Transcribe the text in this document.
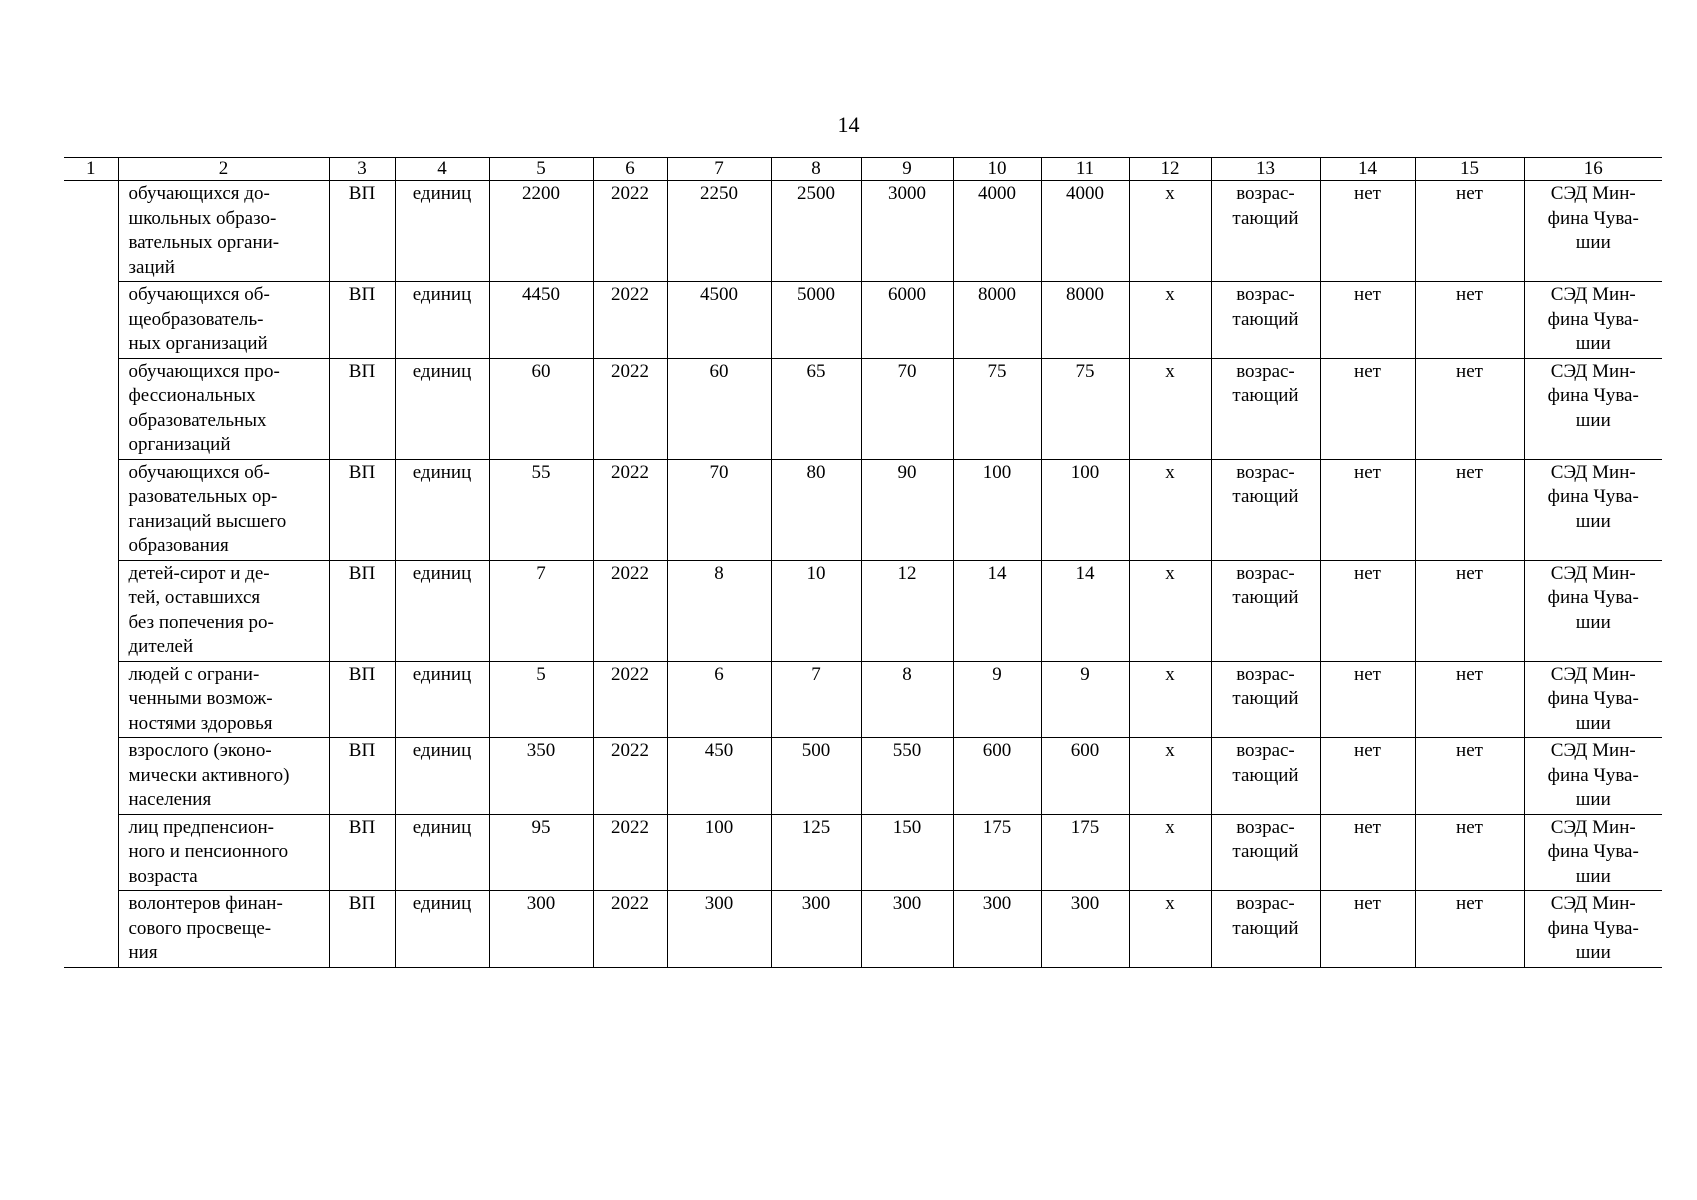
14
1	2	3	4	5	6	7	8	9	10	11	12	13	14	15	16
	обучающихся до-
школьных образо-
вательных органи-
заций	ВП	единиц	2200	2022	2250	2500	3000	4000	4000	х	возрас-
тающий	нет	нет	СЭД Мин-
фина Чува-
шии
	обучающихся об-
щеобразователь-
ных организаций	ВП	единиц	4450	2022	4500	5000	6000	8000	8000	х	возрас-
тающий	нет	нет	СЭД Мин-
фина Чува-
шии
	обучающихся про-
фессиональных
образовательных
организаций	ВП	единиц	60	2022	60	65	70	75	75	х	возрас-
тающий	нет	нет	СЭД Мин-
фина Чува-
шии
	обучающихся об-
разовательных ор-
ганизаций высшего
образования	ВП	единиц	55	2022	70	80	90	100	100	х	возрас-
тающий	нет	нет	СЭД Мин-
фина Чува-
шии
	детей-сирот и де-
тей, оставшихся
без попечения ро-
дителей	ВП	единиц	7	2022	8	10	12	14	14	х	возрас-
тающий	нет	нет	СЭД Мин-
фина Чува-
шии
	людей с ограни-
ченными возмож-
ностями здоровья	ВП	единиц	5	2022	6	7	8	9	9	х	возрас-
тающий	нет	нет	СЭД Мин-
фина Чува-
шии
	взрослого (эконо-
мически активного)
населения	ВП	единиц	350	2022	450	500	550	600	600	х	возрас-
тающий	нет	нет	СЭД Мин-
фина Чува-
шии
	лиц предпенсион-
ного и пенсионного
возраста	ВП	единиц	95	2022	100	125	150	175	175	х	возрас-
тающий	нет	нет	СЭД Мин-
фина Чува-
шии
	волонтеров финан-
сового просвеще-
ния	ВП	единиц	300	2022	300	300	300	300	300	х	возрас-
тающий	нет	нет	СЭД Мин-
фина Чува-
шии
